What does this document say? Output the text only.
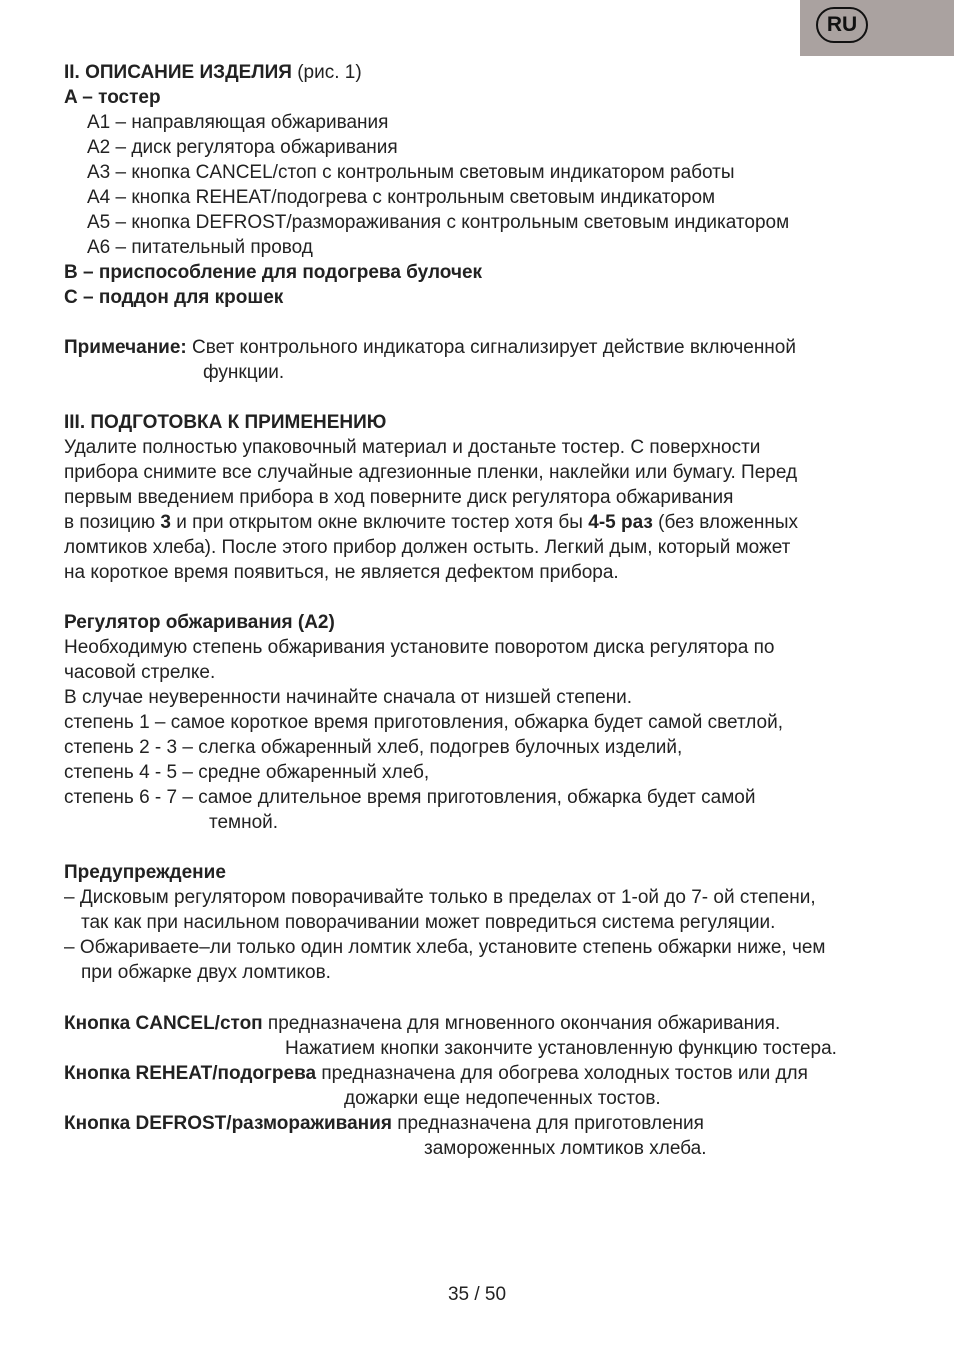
RU
II. ОПИСАНИЕ ИЗДЕЛИЯ (рис. 1)
A – тостер
A1 – направляющая обжаривания
A2 – диск регулятора обжаривания
A3 – кнопка CANCEL/стоп с контрольным световым индикатором работы
A4 – кнопка REHEAT/подогрева с контрольным световым индикатором
A5 – кнопка DEFROST/размораживания с контрольным световым индикатором
A6 – питательный провод
B – приспособление для подогрева булочек
C – поддон для крошек
Примечание: Свет контрольного индикатора сигнализирует действие включенной
функции.
III. ПОДГОТОВКА К ПРИМЕНЕНИЮ
Удалите полностью упаковочный материал и достаньте тостер. С поверхности
прибора снимите все случайные адгезионные пленки, наклейки или бумагу. Перед
первым введением прибора в ход поверните диск регулятора обжаривания
в позицию 3 и при открытом окне включите тостер хотя бы 4-5 раз (без вложенных
ломтиков хлеба). После этого прибор должен остыть. Легкий дым, который может
на короткое время появиться, не является дефектом прибора.
Регулятор обжаривания (A2)
Необходимую степень обжаривания установите поворотом диска регулятора по
часовой стрелке.
В случае неуверенности начинайте сначала от низшей степени.
степень 1 – самое короткое время приготовления, обжарка будет самой светлой,
степень 2 - 3 – слегка обжаренный хлеб, подогрев булочных изделий,
степень 4 - 5 – средне обжаренный хлеб,
степень 6 - 7 – самое длительное время приготовления, обжарка будет самой
темной.
Предупреждение
– Дисковым регулятором поворачивайте только в пределах от 1-ой до 7- ой степени,
так как при насильном поворачивании может повредиться система регуляции.
– Обжариваете–ли только один ломтик хлеба, установите степень обжарки ниже, чем
при обжарке двух ломтиков.
Кнопка CANCEL/стоп предназначена для мгновенного окончания обжаривания.
Нажатием кнопки закончите установленную функцию тостера.
Кнопка REHEAT/подогрева предназначена для обогрева холодных тостов или для
дожарки еще недопеченных тостов.
Кнопка DEFROST/размораживания предназначена для приготовления
замороженных ломтиков хлеба.
35 / 50
